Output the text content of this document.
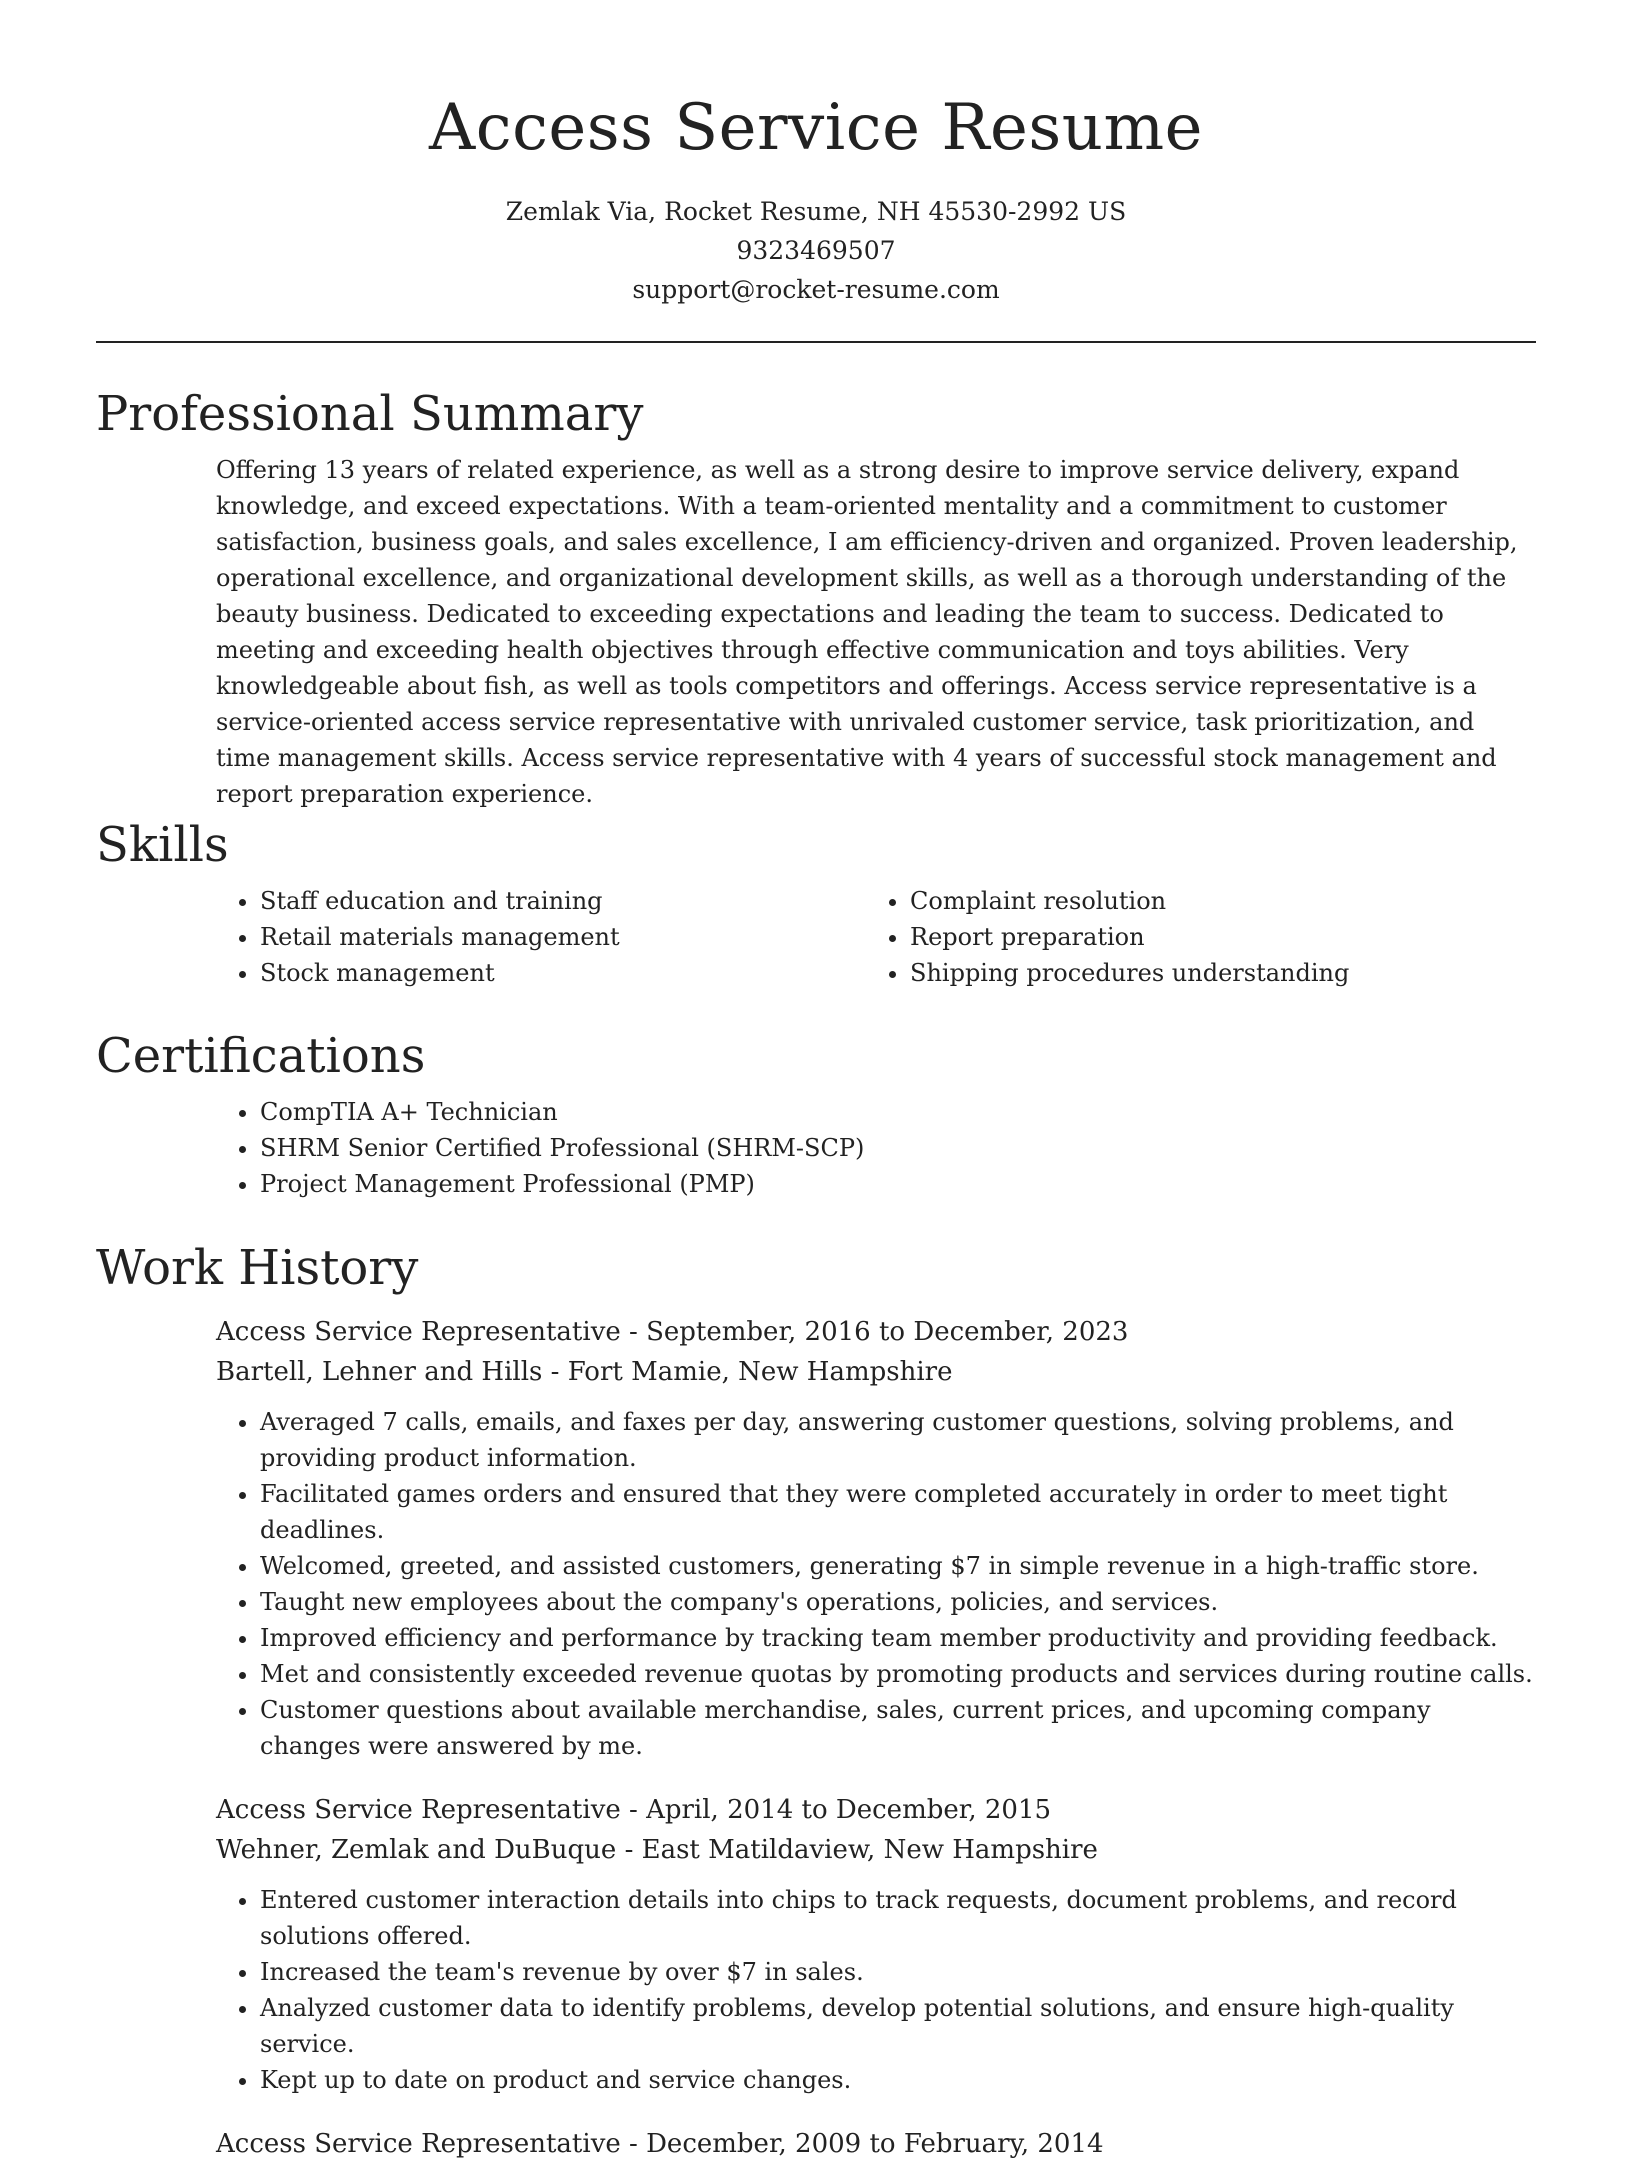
Access Service Resume
Zemlak Via, Rocket Resume, NH 45530-2992 US
9323469507
support@rocket-resume.com
Professional Summary

Offering 13 years of related experience, as well as a strong desire to improve service delivery, expand knowledge, and exceed expectations. With a team-oriented mentality and a commitment to customer satisfaction, business goals, and sales excellence, I am efficiency-driven and organized. Proven leadership, operational excellence, and organizational development skills, as well as a thorough understanding of the beauty business. Dedicated to exceeding expectations and leading the team to success. Dedicated to meeting and exceeding health objectives through effective communication and toys abilities. Very knowledgeable about fish, as well as tools competitors and offerings. Access service representative is a service-oriented access service representative with unrivaled customer service, task prioritization, and time management skills. Access service representative with 4 years of successful stock management and report preparation experience.

Skills
• Staff education and training
• Retail materials management
• Stock management
• Complaint resolution
• Report preparation
• Shipping procedures understanding
Certifications
• CompTIA A+ Technician
• SHRM Senior Certified Professional (SHRM-SCP)
• Project Management Professional (PMP)
Work History
Access Service Representative - September, 2016 to December, 2023
Bartell, Lehner and Hills - Fort Mamie, New Hampshire
• Averaged 7 calls, emails, and faxes per day, answering customer questions, solving problems, and providing product information.
• Facilitated games orders and ensured that they were completed accurately in order to meet tight deadlines.
• Welcomed, greeted, and assisted customers, generating $7 in simple revenue in a high-traffic store.
• Taught new employees about the company's operations, policies, and services.
• Improved efficiency and performance by tracking team member productivity and providing feedback.
• Met and consistently exceeded revenue quotas by promoting products and services during routine calls.
• Customer questions about available merchandise, sales, current prices, and upcoming company changes were answered by me.
Access Service Representative - April, 2014 to December, 2015
Wehner, Zemlak and DuBuque - East Matildaview, New Hampshire
• Entered customer interaction details into chips to track requests, document problems, and record solutions offered.
• Increased the team's revenue by over $7 in sales.
• Analyzed customer data to identify problems, develop potential solutions, and ensure high-quality service.
• Kept up to date on product and service changes.
Access Service Representative - December, 2009 to February, 2014
